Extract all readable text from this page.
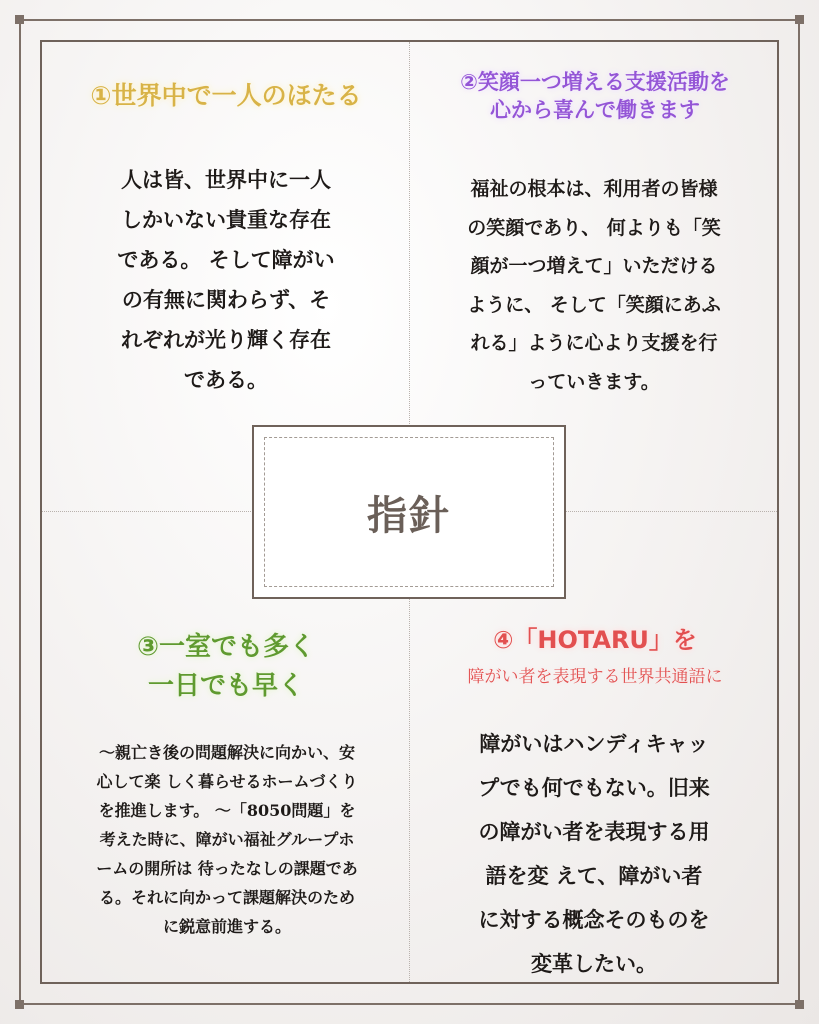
①世界中で一人のほたる
人は皆、世界中に一人
しかいない貴重な存在
である。 そして障がい
の有無に関わらず、そ
れぞれが光り輝く存在
である。
②笑顔一つ増える支援活動を
心から喜んで働きます
福祉の根本は、利用者の皆様
の笑顔であり、 何よりも「笑
顔が一つ増えて」いただける
ように、 そして「笑顔にあふ
れる」ように心より支援を行
っていきます。
指針
③一室でも多く
一日でも早く
～親亡き後の問題解決に向かい、安
心して楽 しく暮らせるホームづくり
を推進します。 ～「8050問題」を
考えた時に、障がい福祉グループホ
ームの開所は 待ったなしの課題であ
る。それに向かって課題解決のため
に鋭意前進する。
④「HOTARU」を
障がい者を表現する世界共通語に
障がいはハンディキャッ
プでも何でもない。旧来
の障がい者を表現する用
語を変 えて、障がい者
に対する概念そのものを
変革したい。
